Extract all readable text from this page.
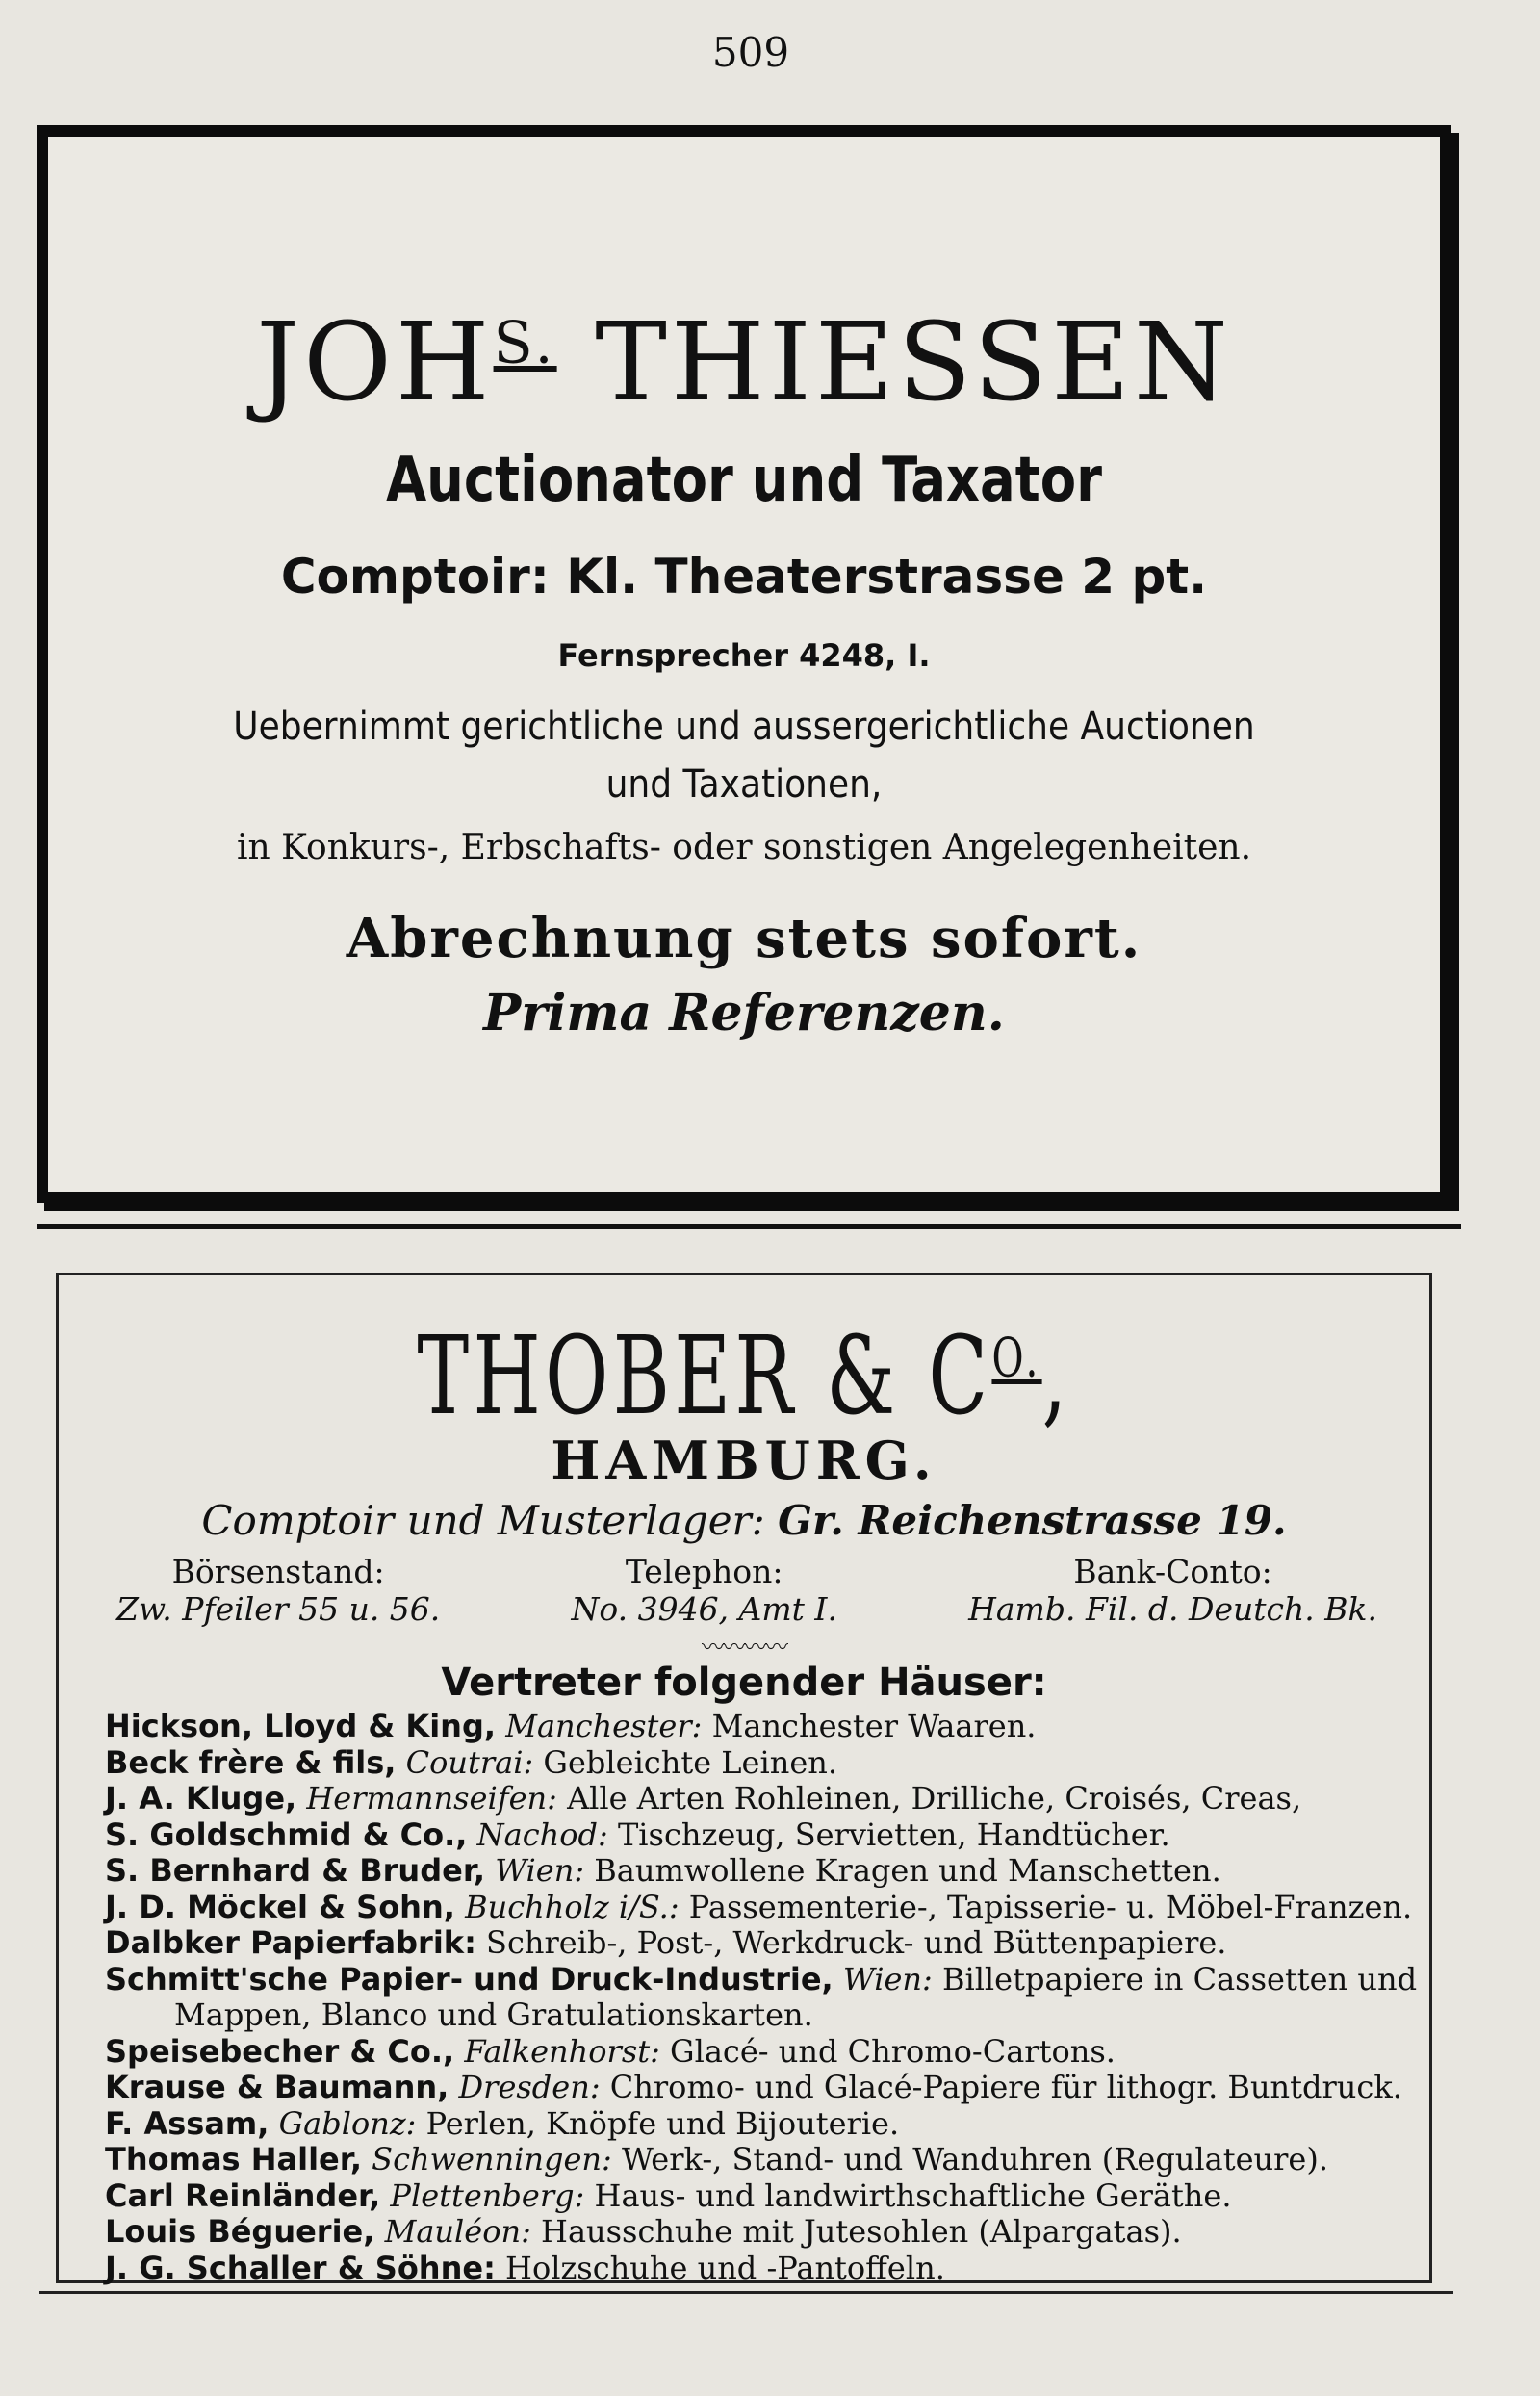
509
$JOH^{S.}$ THIESSEN
Auctionator und Taxator
Comptoir: Kl. Theaterstrasse 2 pt.
Fernsprecher 4248, I.
Uebernimmt gerichtliche und aussergerichtliche Auctionen
und Taxationen,
in Konkurs-, Erbschafts- oder sonstigen Angelegenheiten.
Abrechnung stets sofort.
Prima Referenzen.
THOBER & $C^{O.}$,
HAMBURG.
Comptoir und Musterlager: Gr. Reichenstrasse 19.
Börsenstand:
Zw. Pfeiler 55 u. 56.
Telephon:
No. 3946, Amt I.
Bank-Conto:
Hamb. Fil. d. Deutch. Bk.
〰〰〰〰
Vertreter folgender Häuser:
Hickson, Lloyd & King, Manchester: Manchester Waaren.
Beck frère & fils, Coutrai: Gebleichte Leinen.
J. A. Kluge, Hermannseifen: Alle Arten Rohleinen, Drilliche, Croisés, Creas,
S. Goldschmid & Co., Nachod: Tischzeug, Servietten, Handtücher.
S. Bernhard & Bruder, Wien: Baumwollene Kragen und Manschetten.
J. D. Möckel & Sohn, Buchholz i/S.: Passementerie-, Tapisserie- u. Möbel-Franzen.
Dalbker Papierfabrik: Schreib-, Post-, Werkdruck- und Büttenpapiere.
Schmitt'sche Papier- und Druck-Industrie, Wien: Billetpapiere in Cassetten und
Mappen, Blanco und Gratulationskarten.
Speisebecher & Co., Falkenhorst: Glacé- und Chromo-Cartons.
Krause & Baumann, Dresden: Chromo- und Glacé-Papiere für lithogr. Buntdruck.
F. Assam, Gablonz: Perlen, Knöpfe und Bijouterie.
Thomas Haller, Schwenningen: Werk-, Stand- und Wanduhren (Regulateure).
Carl Reinländer, Plettenberg: Haus- und landwirthschaftliche Geräthe.
Louis Béguerie, Mauléon: Hausschuhe mit Jutesohlen (Alpargatas).
J. G. Schaller & Söhne: Holzschuhe und -Pantoffeln.
